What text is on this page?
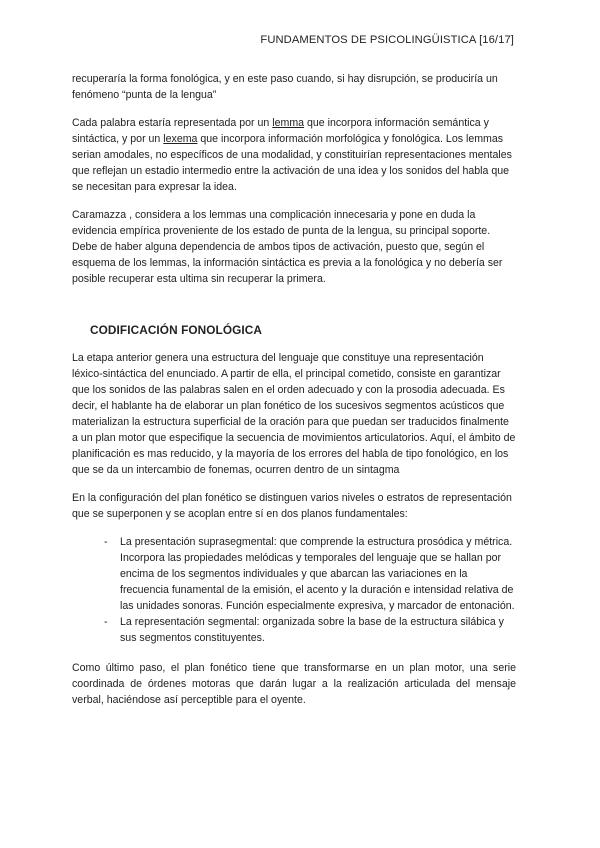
FUNDAMENTOS DE PSICOLINGÜISTICA [16/17]

recuperaría la forma fonológica, y en este paso cuando, si hay disrupción, se produciría un fenómeno “punta de la lengua”

Cada palabra estaría representada por un lemma que incorpora información semántica y sintáctica, y por un lexema que incorpora información morfológica y fonológica. Los lemmas serian amodales, no específicos de una modalidad, y constituirían representaciones mentales que reflejan un estadio intermedio entre la activación de una idea y los sonidos del habla que se necesitan para expresar la idea.

Caramazza , considera a los lemmas una complicación innecesaria y pone en duda la evidencia empírica proveniente de los estado de punta de la lengua, su principal soporte. Debe de haber alguna dependencia de ambos tipos de activación, puesto que, según el esquema de los lemmas, la información sintáctica es previa a la fonológica y no debería ser posible recuperar esta ultima sin recuperar la primera.

CODIFICACIÓN FONOLÓGICA

La etapa anterior genera una estructura del lenguaje que constituye una representación léxico-sintáctica del enunciado. A partir de ella, el principal cometido, consiste en garantizar que los sonidos de las palabras salen en el orden adecuado y con la prosodia adecuada. Es decir, el hablante ha de elaborar un plan fonético de los sucesivos segmentos acústicos que materializan la estructura superficial de la oración para que puedan ser traducidos finalmente a un plan motor que especifique la secuencia de movimientos articulatorios. Aquí, el ámbito de planificación es mas reducido, y la mayoría de los errores del habla de tipo fonológico, en los que se da un intercambio de fonemas, ocurren dentro de un sintagma

En la configuración del plan fonético se distinguen varios niveles o estratos de representación que se superponen y se acoplan entre sí en dos planos fundamentales:

- La presentación suprasegmental: que comprende la estructura prosódica y métrica. Incorpora las propiedades melódicas y temporales del lenguaje que se hallan por encima de los segmentos individuales y que abarcan las variaciones en la frecuencia funamental de la emisión, el acento y la duración e intensidad relativa de las unidades sonoras. Función especialmente expresiva, y marcador de entonación.
- La representación segmental: organizada sobre la base de la estructura silábica y sus segmentos constituyentes.

Como último paso, el plan fonético tiene que transformarse en un plan motor, una serie coordinada de órdenes motoras que darán lugar a la realización articulada del mensaje verbal, haciéndose así perceptible para el oyente.
